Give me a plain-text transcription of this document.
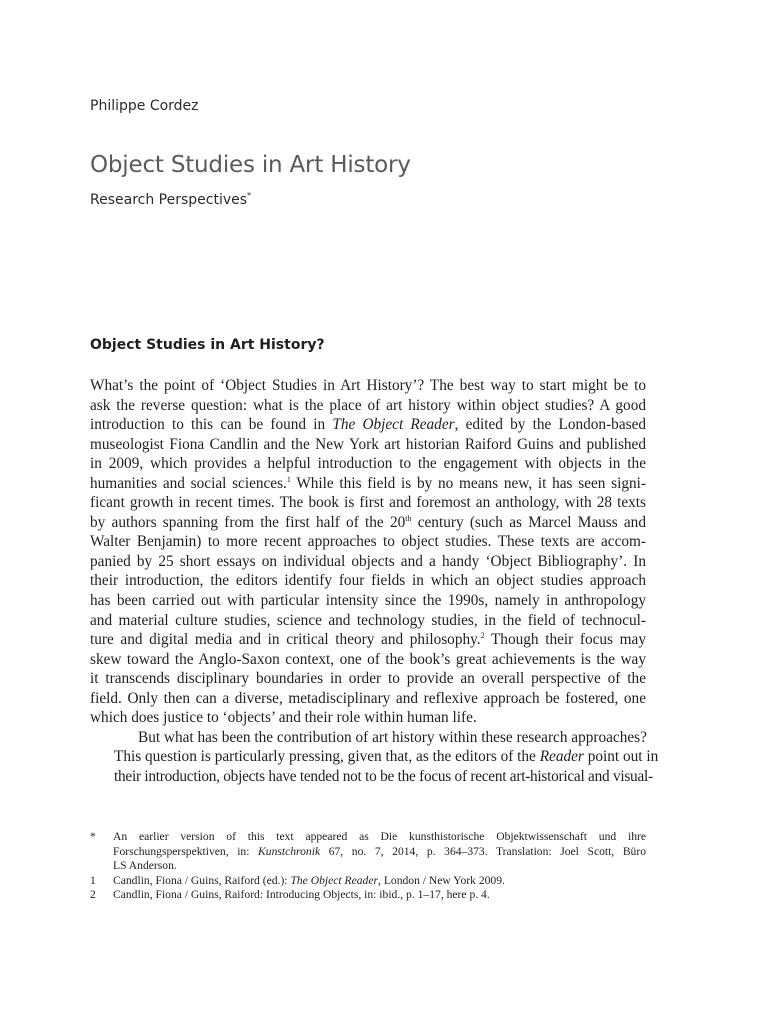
Philippe Cordez
Object Studies in Art History
Research Perspectives*
Object Studies in Art History?

What’s the point of ‘Object Studies in Art History’? The best way to start might be to
ask the reverse question: what is the place of art history within object studies? A good
introduction to this can be found in The Object Reader, edited by the London-based
museologist Fiona Candlin and the New York art historian Raiford Guins and published
in 2009, which provides a helpful introduction to the engagement with objects in the
humanities and social sciences.$^1$ While this field is by no means new, it has seen signi-
ficant growth in recent times. The book is first and foremost an anthology, with 28 texts
by authors spanning from the first half of the 20th century (such as Marcel Mauss and
Walter Benjamin) to more recent approaches to object studies. These texts are accom-
panied by 25 short essays on individual objects and a handy ‘Object Bibliography’. In
their introduction, the editors identify four fields in which an object studies approach
has been carried out with particular intensity since the 1990s, namely in anthropology
and material culture studies, science and technology studies, in the field of technocul-
ture and digital media and in critical theory and philosophy.$^2$ Though their focus may
skew toward the Anglo-Saxon context, one of the book’s great achievements is the way
it transcends disciplinary boundaries in order to provide an overall perspective of the
field. Only then can a diverse, metadisciplinary and reflexive approach be fostered, one
which does justice to ‘objects’ and their role within human life.

But what has been the contribution of art history within these research approaches?
This question is particularly pressing, given that, as the editors of the Reader point out in
their introduction, objects have tended not to be the focus of recent art-historical and visual-

*	An earlier version of this text appeared as Die kunsthistorische Objektwissenschaft und ihre
Forschungsperspektiven, in: Kunstchronik 67, no. 7, 2014, p. 364–373. Translation: Joel Scott, Büro
LS Anderson.
1	Candlin, Fiona / Guins, Raiford (ed.): The Object Reader, London / New York 2009.
2	Candlin, Fiona / Guins, Raiford: Introducing Objects, in: ibid., p. 1–17, here p. 4.
